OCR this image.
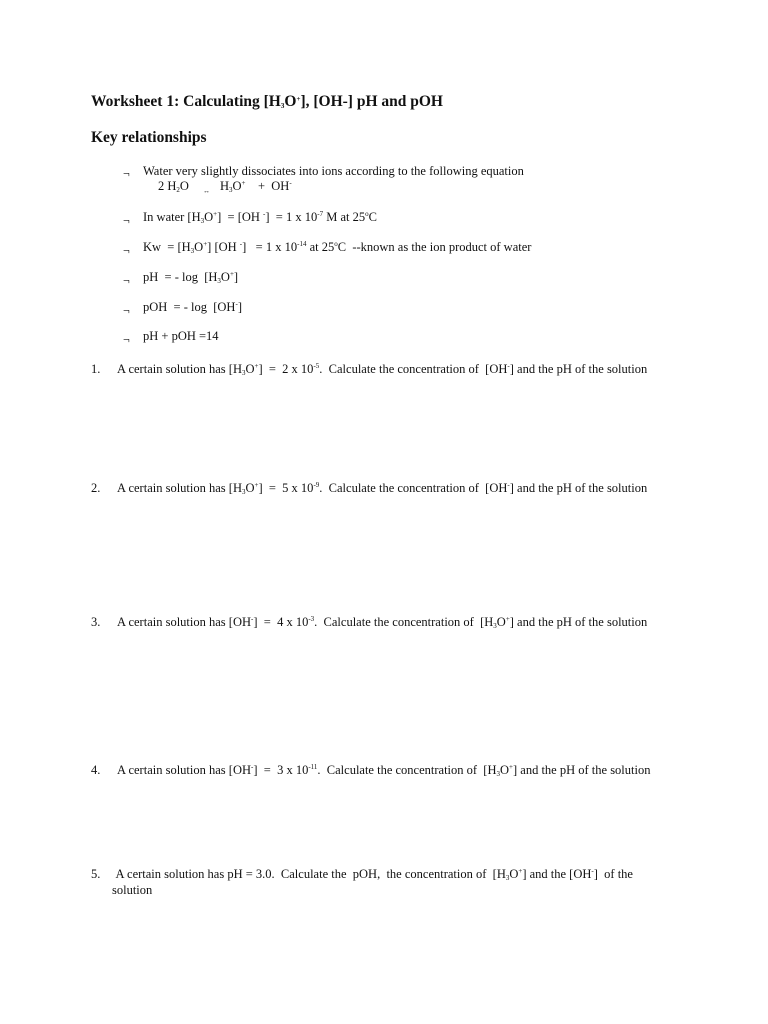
Worksheet 1: Calculating $[H_3O^+]$, [OH-] pH and pOH
Key relationships
¬ Water very slightly dissociates into ions according to the following equation
2 $H_2O$ $_\leftrightarrow$ $H_3O^+$    +  OH-
¬ In water $[H_3O^+] = [OH$ -]  = 1 x $10^{-7}$ M at 25$^o$C
¬ $Kw = [H_3O^+]$ [OH -]   = 1 x $10^{-14}$ at 25$^o$C  --known as the ion product of water
¬ pH  = - $\log [H_3O^+]$
¬ pOH  = - log  [OH-]
¬ pH + pOH =14
1. A certain solution has $[H_3O^+] = 2$ x $10^{-5}$.  Calculate the concentration of  [OH-] and the pH of the solution
2. A certain solution has $[H_3O^+] = 5$ x $10^{-9}$.  Calculate the concentration of  [OH-] and the pH of the solution
3. A certain solution has [OH-]  =  4 x $10^{-3}$.  Calculate the concentration of  $[H_3O^+]$ and the pH of the solution
4. A certain solution has [OH-]  =  3 x $10^{-11}$.  Calculate the concentration of  $[H_3O^+]$ and the pH of the solution
5. A certain solution has pH = 3.0.  Calculate the  pOH,  the concentration of  $[H_3O^+]$ and the [OH-]  of the
solution
